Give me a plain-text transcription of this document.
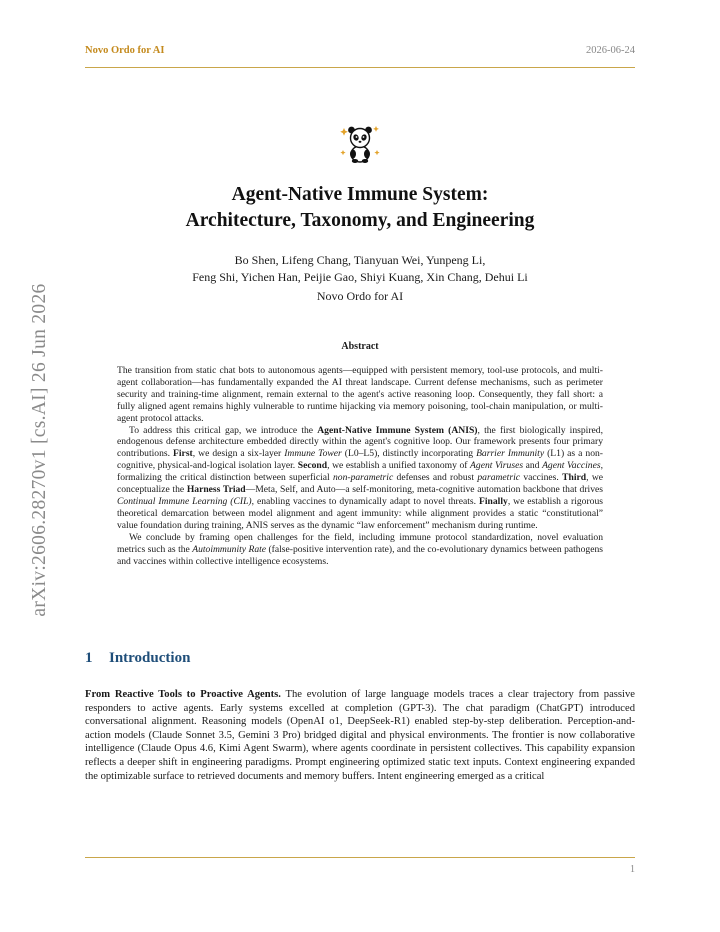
Novo Ordo for AI	2026-06-24
arXiv:2606.28270v1 [cs.AI] 26 Jun 2026
Agent-Native Immune System:
Architecture, Taxonomy, and Engineering
Bo Shen, Lifeng Chang, Tianyuan Wei, Yunpeng Li,
Feng Shi, Yichen Han, Peijie Gao, Shiyi Kuang, Xin Chang, Dehui Li
Novo Ordo for AI
Abstract

The transition from static chat bots to autonomous agents—equipped with persistent memory, tool-use protocols, and multi-agent collaboration—has fundamentally expanded the AI threat landscape. Current defense mechanisms, such as perimeter security and training-time alignment, remain external to the agent's active reasoning loop. Consequently, they fall short: a fully aligned agent remains highly vulnerable to runtime hijacking via memory poisoning, tool-chain manipulation, or multi-agent protocol attacks.

To address this critical gap, we introduce the Agent-Native Immune System (ANIS), the first biologically inspired, endogenous defense architecture embedded directly within the agent's cognitive loop. Our framework presents four primary contributions. First, we design a six-layer Immune Tower (L0–L5), distinctly incorporating Barrier Immunity (L1) as a non-cognitive, physical-and-logical isolation layer. Second, we establish a unified taxonomy of Agent Viruses and Agent Vaccines, formalizing the critical distinction between superficial non-parametric defenses and robust parametric vaccines. Third, we conceptualize the Harness Triad—Meta, Self, and Auto—a self-monitoring, meta-cognitive automation backbone that drives Continual Immune Learning (CIL), enabling vaccines to dynamically adapt to novel threats. Finally, we establish a rigorous theoretical demarcation between model alignment and agent immunity: while alignment provides a static “constitutional” value foundation during training, ANIS serves as the dynamic “law enforcement” mechanism during runtime.

We conclude by framing open challenges for the field, including immune protocol standardization, novel evaluation metrics such as the Autoimmunity Rate (false-positive intervention rate), and the co-evolutionary dynamics between pathogens and vaccines within collective intelligence ecosystems.

1 Introduction

From Reactive Tools to Proactive Agents. The evolution of large language models traces a clear trajectory from passive responders to active agents. Early systems excelled at completion (GPT-3). The chat paradigm (ChatGPT) introduced conversational alignment. Reasoning models (OpenAI o1, DeepSeek-R1) enabled step-by-step deliberation. Perception-and-action models (Claude Sonnet 3.5, Gemini 3 Pro) bridged digital and physical environments. The frontier is now collaborative intelligence (Claude Opus 4.6, Kimi Agent Swarm), where agents coordinate in persistent collectives. This capability expansion reflects a deeper shift in engineering paradigms. Prompt engineering optimized static text inputs. Context engineering expanded the optimizable surface to retrieved documents and memory buffers. Intent engineering emerged as a critical

1
